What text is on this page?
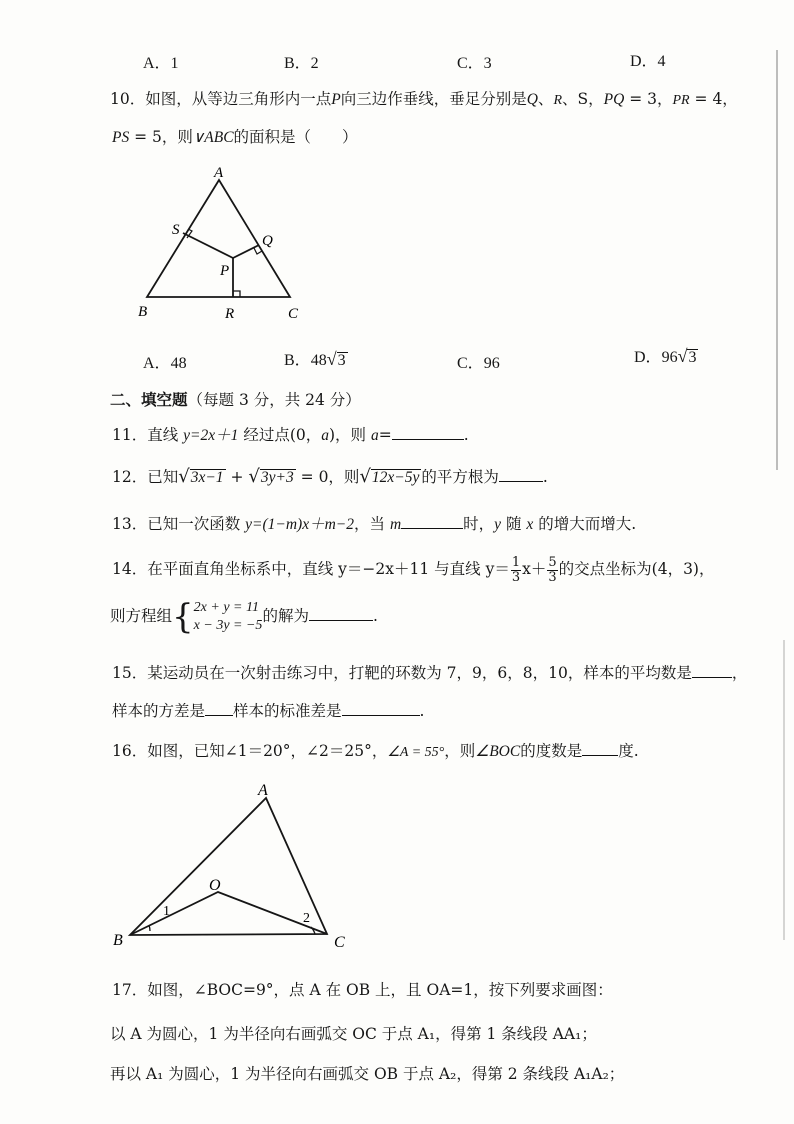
A．1	B．2	C．3	D．4
10．如图，从等边三角形内一点P向三边作垂线，垂足分别是Q、R、S，PQ = 3，PR = 4，
PS = 5，则∨ABC的面积是（　　）
A
B	C
P
Q
R
S
A．48	B．48√3	C．96	D．96√3
二、填空题（每题 3 分，共 24 分）
11．直线 y=2x＋1 经过点(0，a)，则 a=	.
12．已知√3x−1 + √3y+3 = 0，则√12x−5y 的平方根为	.
13．已知一次函数 y=(1−m)x＋m−2，当 m	时，y 随 x 的增大而增大.
14．在平面直角坐标系中，直线 y＝−2x＋11 与直线 $y= \frac{1}{3} x+ \frac{5}{3}$ 的交点坐标为(4，3)，
则方程组{ 2x + y = 11
x − 3y = −5
的解为	.
15．某运动员在一次射击练习中，打靶的环数为 7，9，6，8，10，样本的平均数是	，
样本的方差是 样本的标准差是	.
16．如图，已知∠1＝20°，∠2＝25°，∠A = 55°，则∠BOC的度数是 度.
A
B	C
O
1	2
17．如图，∠BOC=9°，点 A 在 OB 上，且 OA=1，按下列要求画图：
以 A 为圆心，1 为半径向右画弧交 OC 于点 A₁，得第 1 条线段 AA₁；
再以 A₁ 为圆心，1 为半径向右画弧交 OB 于点 A₂，得第 2 条线段 A₁A₂；
